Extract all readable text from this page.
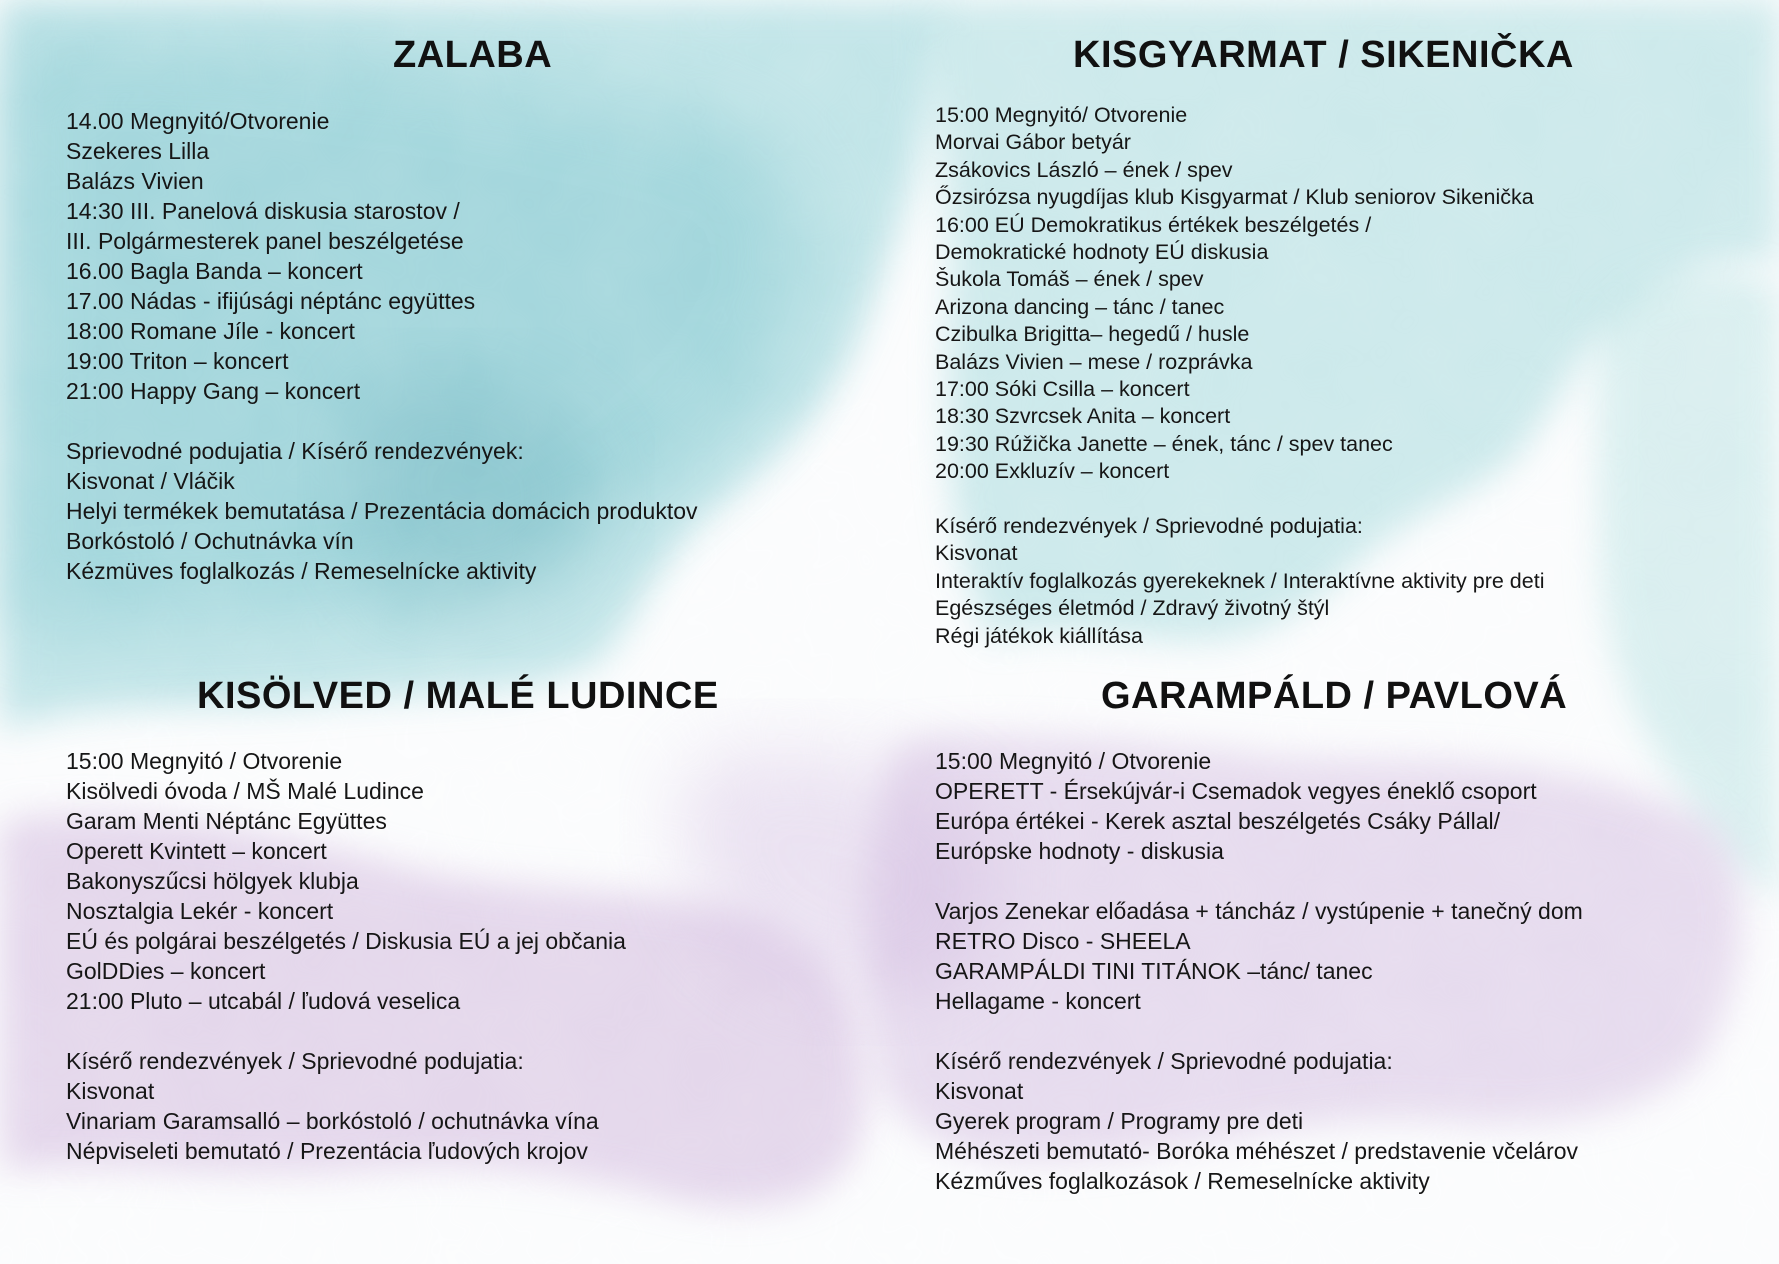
ZALABA
14.00 Megnyitó/Otvorenie
Szekeres Lilla
Balázs Vivien
14:30 III. Panelová diskusia starostov /
III. Polgármesterek panel beszélgetése
16.00 Bagla Banda – koncert
17.00 Nádas - ifijúsági néptánc együttes
18:00 Romane Jíle - koncert
19:00 Triton – koncert
21:00 Happy Gang – koncert
Sprievodné podujatia / Kísérő rendezvények:
Kisvonat / Vláčik
Helyi termékek bemutatása / Prezentácia domácich produktov
Borkóstoló / Ochutnávka vín
Kézmüves foglalkozás / Remeselnícke aktivity
KISGYARMAT / SIKENIČKA
15:00 Megnyitó/ Otvorenie
Morvai Gábor betyár
Zsákovics László – ének / spev
Őzsirózsa nyugdíjas klub Kisgyarmat / Klub seniorov Sikenička
16:00 EÚ Demokratikus értékek beszélgetés /
Demokratické hodnoty EÚ diskusia
Šukola Tomáš – ének / spev
Arizona dancing – tánc / tanec
Czibulka Brigitta– hegedű / husle
Balázs Vivien – mese / rozprávka
17:00 Sóki Csilla – koncert
18:30 Szvrcsek Anita – koncert
19:30 Rúžička Janette – ének, tánc / spev tanec
20:00 Exkluzív – koncert
Kísérő rendezvények / Sprievodné podujatia:
Kisvonat
Interaktív foglalkozás gyerekeknek / Interaktívne aktivity pre deti
Egészséges életmód / Zdravý životný štýl
Régi játékok kiállítása
KISÖLVED / MALÉ LUDINCE
15:00 Megnyitó / Otvorenie
Kisölvedi óvoda / MŠ Malé Ludince
Garam Menti Néptánc Együttes
Operett Kvintett – koncert
Bakonyszűcsi hölgyek klubja
Nosztalgia Lekér - koncert
EÚ és polgárai beszélgetés / Diskusia EÚ a jej občania
GolDDies – koncert
21:00 Pluto – utcabál / ľudová veselica
Kísérő rendezvények / Sprievodné podujatia:
Kisvonat
Vinariam Garamsalló – borkóstoló / ochutnávka vína
Népviseleti bemutató / Prezentácia ľudových krojov
GARAMPÁLD / PAVLOVÁ
15:00 Megnyitó / Otvorenie
OPERETT - Érsekújvár-i Csemadok vegyes éneklő csoport
Európa értékei - Kerek asztal beszélgetés Csáky Pállal/
Európske hodnoty - diskusia
Varjos Zenekar előadása + táncház / vystúpenie + tanečný dom
RETRO Disco - SHEELA
GARAMPÁLDI TINI TITÁNOK –tánc/ tanec
Hellagame - koncert
Kísérő rendezvények / Sprievodné podujatia:
Kisvonat
Gyerek program / Programy pre deti
Méhészeti bemutató- Boróka méhészet / predstavenie včelárov
Kézműves foglalkozások / Remeselnícke aktivity
